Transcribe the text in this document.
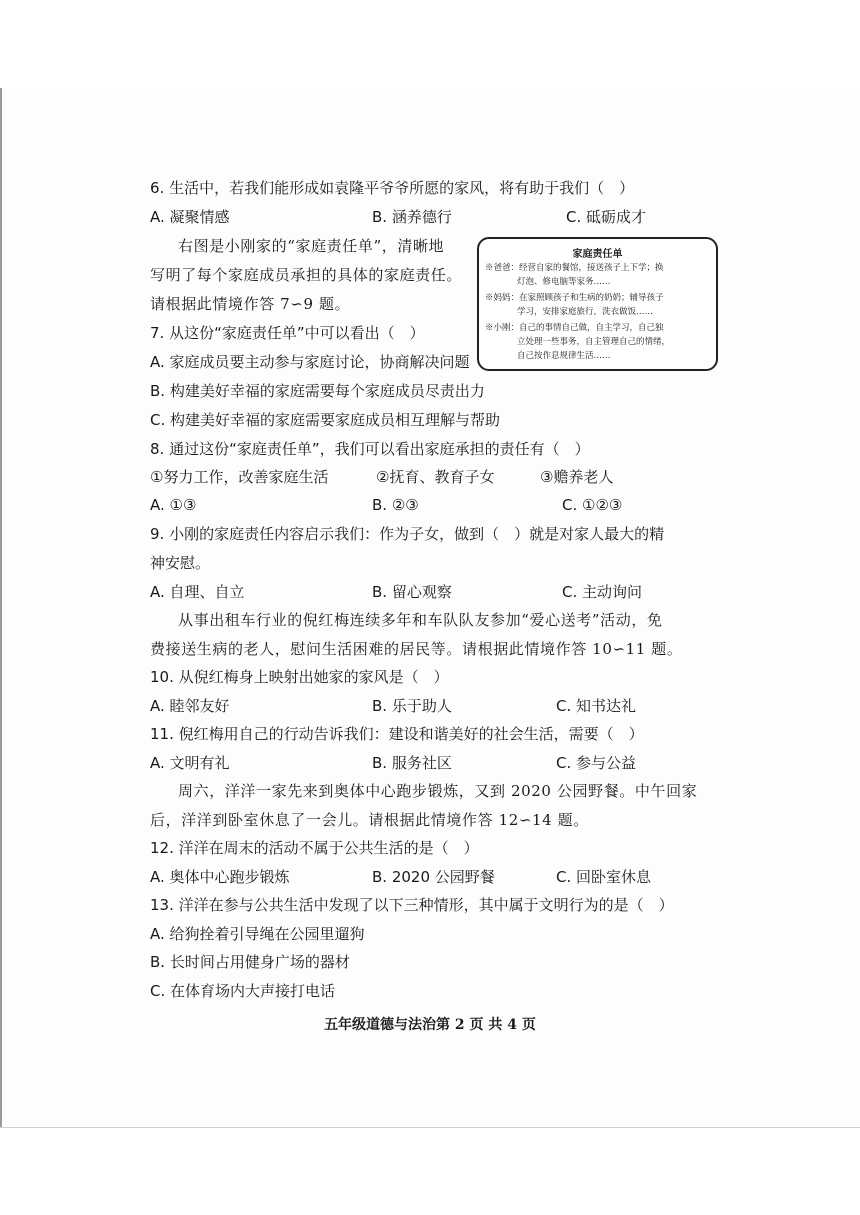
6. 生活中，若我们能形成如袁隆平爷爷所愿的家风，将有助于我们（　）
A. 凝聚情感	B. 涵养德行	C. 砥砺成才
右图是小刚家的“家庭责任单”，清晰地
写明了每个家庭成员承担的具体的家庭责任。
请根据此情境作答 7∽9 题。
家庭责任单
※爸爸：经营自家的餐馆，接送孩子上下学；换
灯泡、修电脑等家务……
※妈妈：在家照顾孩子和生病的奶奶；辅导孩子
学习，安排家庭旅行，洗衣做饭……
※小刚：自己的事情自己做，自主学习，自己独
立处理一些事务，自主管理自己的情绪，
自己按作息规律生活……
7. 从这份“家庭责任单”中可以看出（　）
A. 家庭成员要主动参与家庭讨论，协商解决问题
B. 构建美好幸福的家庭需要每个家庭成员尽责出力
C. 构建美好幸福的家庭需要家庭成员相互理解与帮助
8. 通过这份“家庭责任单”，我们可以看出家庭承担的责任有（　）
①努力工作，改善家庭生活	②抚育、教育子女	③赡养老人
A. ①③	B. ②③	C. ①②③
9. 小刚的家庭责任内容启示我们：作为子女，做到（　）就是对家人最大的精
神安慰。
A. 自理、自立	B. 留心观察	C. 主动询问
从事出租车行业的倪红梅连续多年和车队队友参加“爱心送考”活动，免
费接送生病的老人，慰问生活困难的居民等。请根据此情境作答 10∽11 题。
10. 从倪红梅身上映射出她家的家风是（　）
A. 睦邻友好	B. 乐于助人	C. 知书达礼
11. 倪红梅用自己的行动告诉我们：建设和谐美好的社会生活，需要（　）
A. 文明有礼	B. 服务社区	C. 参与公益
周六，洋洋一家先来到奥体中心跑步锻炼，又到 2020 公园野餐。中午回家
后，洋洋到卧室休息了一会儿。请根据此情境作答 12∽14 题。
12. 洋洋在周末的活动不属于公共生活的是（　）
A. 奥体中心跑步锻炼	B. 2020 公园野餐	C. 回卧室休息
13. 洋洋在参与公共生活中发现了以下三种情形，其中属于文明行为的是（　）
A. 给狗拴着引导绳在公园里遛狗
B. 长时间占用健身广场的器材
C. 在体育场内大声接打电话
五年级道德与法治第 2 页 共 4 页
